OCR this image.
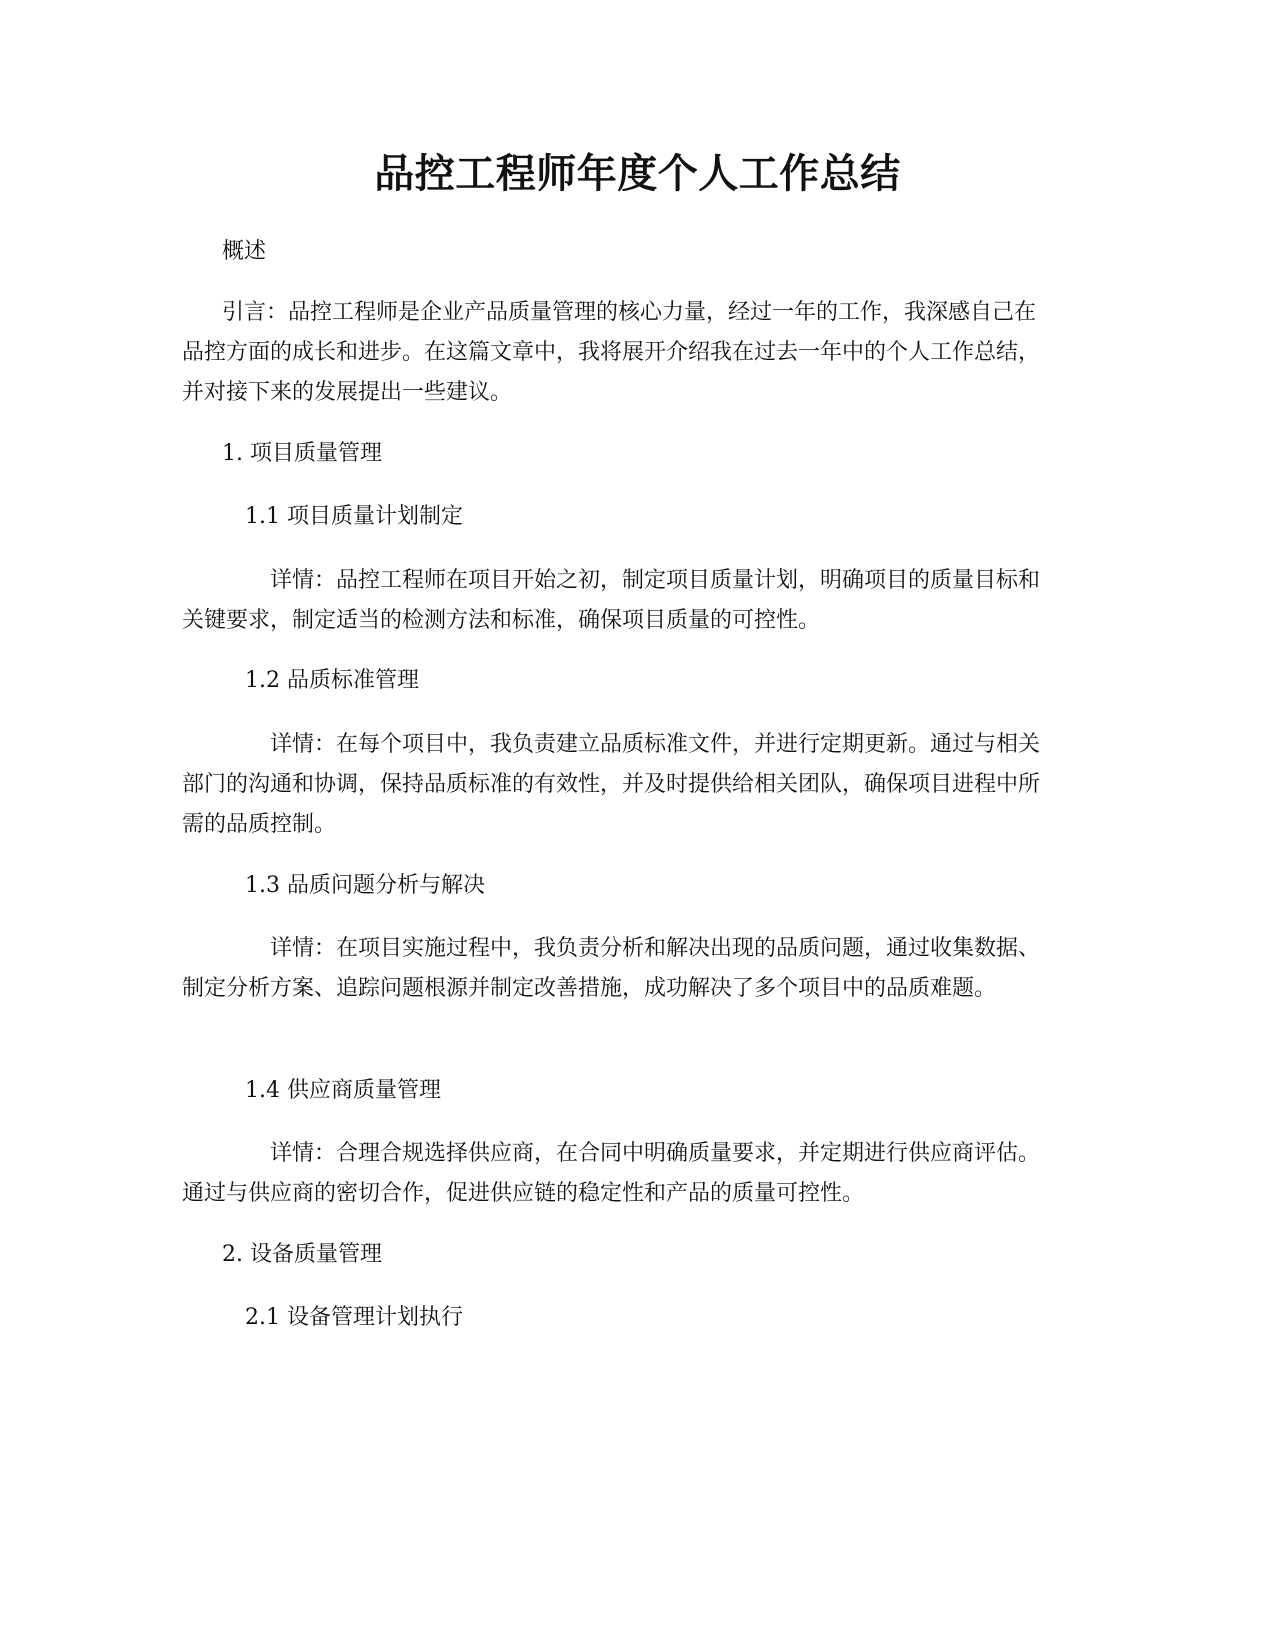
品控工程师年度个人工作总结

概述

引言：品控工程师是企业产品质量管理的核心力量，经过一年的工作，我深感自己在品控方面的成长和进步。在这篇文章中，我将展开介绍我在过去一年中的个人工作总结，并对接下来的发展提出一些建议。

1. 项目质量管理

1.1 项目质量计划制定

详情：品控工程师在项目开始之初，制定项目质量计划，明确项目的质量目标和关键要求，制定适当的检测方法和标准，确保项目质量的可控性。

1.2 品质标准管理

详情：在每个项目中，我负责建立品质标准文件，并进行定期更新。通过与相关部门的沟通和协调，保持品质标准的有效性，并及时提供给相关团队，确保项目进程中所需的品质控制。

1.3 品质问题分析与解决

详情：在项目实施过程中，我负责分析和解决出现的品质问题，通过收集数据、制定分析方案、追踪问题根源并制定改善措施，成功解决了多个项目中的品质难题。

1.4 供应商质量管理

详情：合理合规选择供应商，在合同中明确质量要求，并定期进行供应商评估。通过与供应商的密切合作，促进供应链的稳定性和产品的质量可控性。

2. 设备质量管理

2.1 设备管理计划执行
